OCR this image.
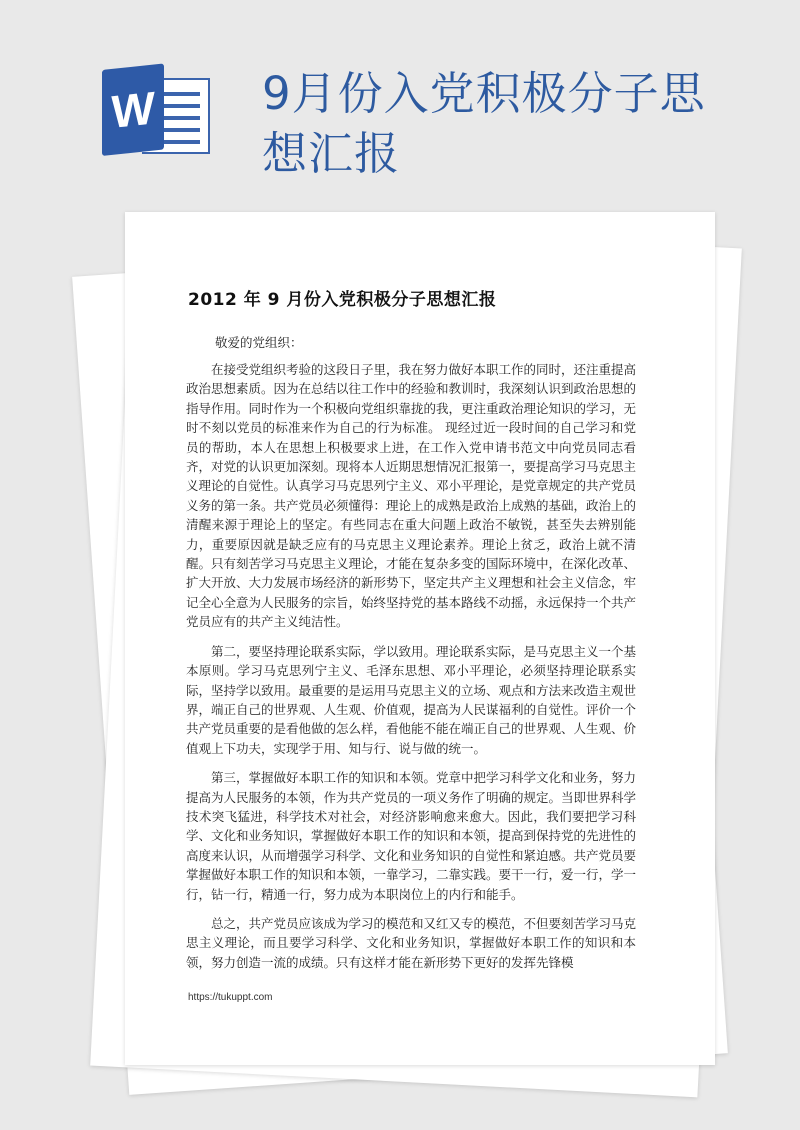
W 9月份入党积极分子思想汇报
2012 年 9 月份入党积极分子思想汇报
敬爱的党组织：

在接受党组织考验的这段日子里，我在努力做好本职工作的同时，还注重提高政治思想素质。因为在总结以往工作中的经验和教训时，我深刻认识到政治思想的指导作用。同时作为一个积极向党组织靠拢的我，更注重政治理论知识的学习，无时不刻以党员的标准来作为自己的行为标准。 现经过近一段时间的自己学习和党员的帮助，本人在思想上积极要求上进，在工作入党申请书范文中向党员同志看齐，对党的认识更加深刻。现将本人近期思想情况汇报第一，要提高学习马克思主义理论的自觉性。认真学习马克思列宁主义、邓小平理论，是党章规定的共产党员义务的第一条。共产党员必须懂得：理论上的成熟是政治上成熟的基础，政治上的清醒来源于理论上的坚定。有些同志在重大问题上政治不敏锐，甚至失去辨别能力，重要原因就是缺乏应有的马克思主义理论素养。理论上贫乏，政治上就不清醒。只有刻苦学习马克思主义理论，才能在复杂多变的国际环境中，在深化改革、扩大开放、大力发展市场经济的新形势下，坚定共产主义理想和社会主义信念，牢记全心全意为人民服务的宗旨，始终坚持党的基本路线不动摇，永远保持一个共产党员应有的共产主义纯洁性。

第二，要坚持理论联系实际，学以致用。理论联系实际，是马克思主义一个基本原则。学习马克思列宁主义、毛泽东思想、邓小平理论，必须坚持理论联系实际，坚持学以致用。最重要的是运用马克思主义的立场、观点和方法来改造主观世界，端正自己的世界观、人生观、价值观，提高为人民谋福利的自觉性。评价一个共产党员重要的是看他做的怎么样，看他能不能在端正自己的世界观、人生观、价值观上下功夫，实现学于用、知与行、说与做的统一。

第三，掌握做好本职工作的知识和本领。党章中把学习科学文化和业务，努力提高为人民服务的本领，作为共产党员的一项义务作了明确的规定。当即世界科学技术突飞猛进，科学技术对社会，对经济影响愈来愈大。因此，我们要把学习科学、文化和业务知识，掌握做好本职工作的知识和本领，提高到保持党的先进性的高度来认识，从而增强学习科学、文化和业务知识的自觉性和紧迫感。共产党员要掌握做好本职工作的知识和本领，一靠学习，二靠实践。要干一行，爱一行，学一行，钻一行，精通一行，努力成为本职岗位上的内行和能手。

总之，共产党员应该成为学习的模范和又红又专的模范，不但要刻苦学习马克思主义理论，而且要学习科学、文化和业务知识，掌握做好本职工作的知识和本领，努力创造一流的成绩。只有这样才能在新形势下更好的发挥先锋模

https://tukuppt.com
